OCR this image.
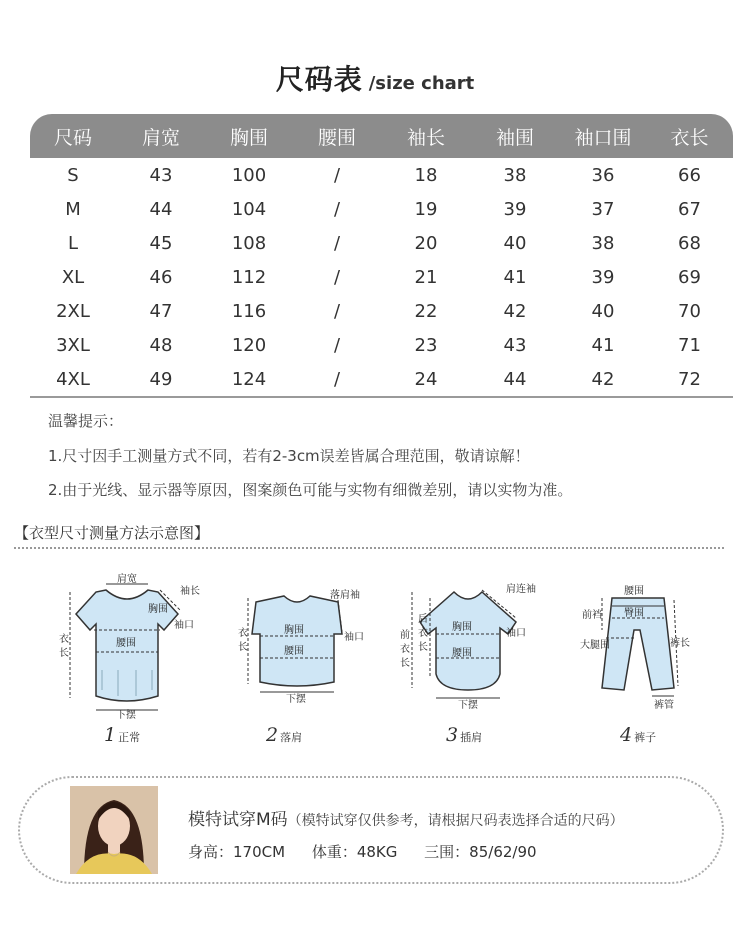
尺码表 /size chart
尺码	肩宽	胸围	腰围	袖长	袖围	袖口围	衣长
S	43	100	/	18	38	36	66
M	44	104	/	19	39	37	67
L	45	108	/	20	40	38	68
XL	46	112	/	21	41	39	69
2XL	47	116	/	22	42	40	70
3XL	48	120	/	23	43	41	71
4XL	49	124	/	24	44	42	72
温馨提示：
1.尺寸因手工测量方式不同，若有2-3cm误差皆属合理范围，敬请谅解！
2.由于光线、显示器等原因，图案颜色可能与实物有细微差别，请以实物为准。
【衣型尺寸测量方法示意图】
肩宽
袖长
胸围
袖口
腰围
衣
长
下摆
1 正常
落肩袖
胸围
衣
长
袖口
腰围
下摆
2 落肩
肩连袖
胸围
袖口
后
衣
长
前
衣
长
腰围
下摆
3 插肩
腰围
前裆 臀围
裤长
大腿围
裤管
4 裤子
模特试穿M码（模特试穿仅供参考，请根据尺码表选择合适的尺码）
身高：170CM 体重：48KG 三围：85/62/90
